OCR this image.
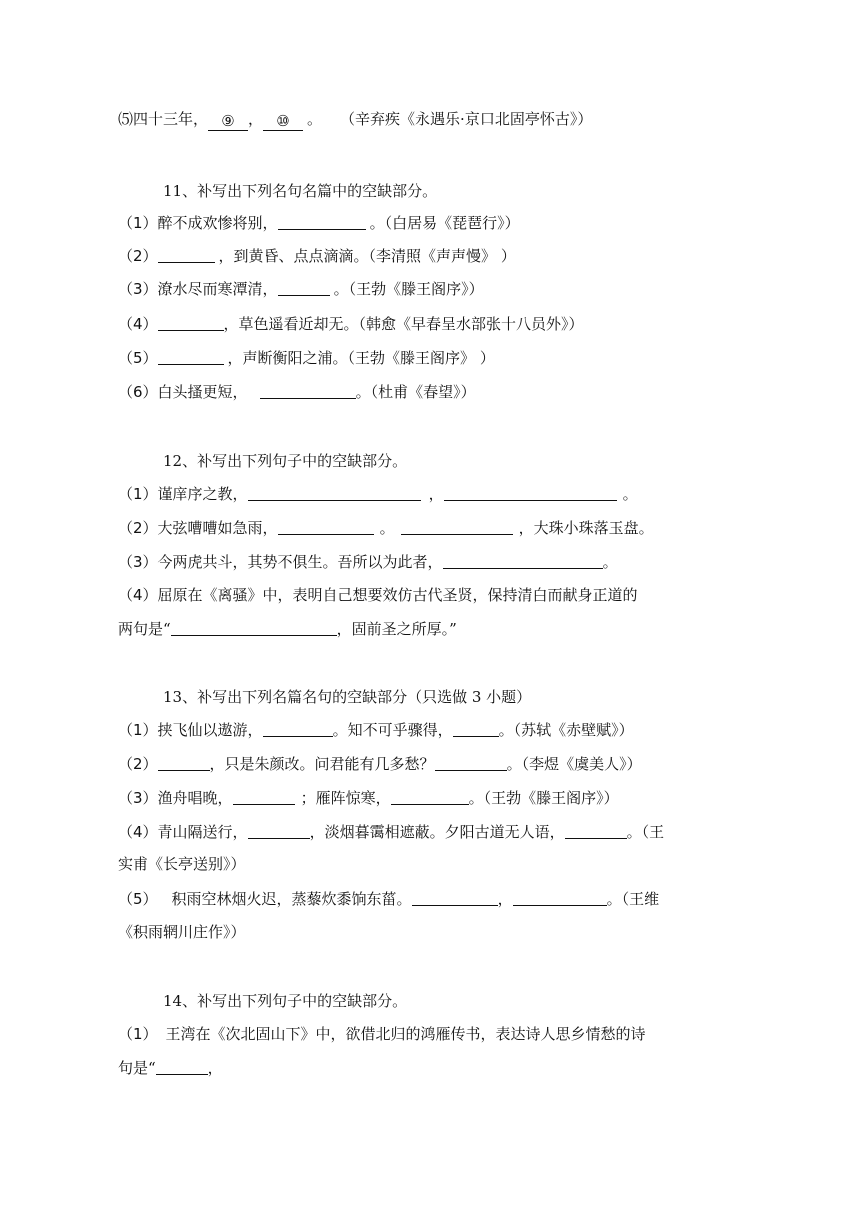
⑸四十三年， ⑨ ， ⑩ 。 （辛弃疾《永遇乐·京口北固亭怀古》）
11、补写出下列名句名篇中的空缺部分。
（1）醉不成欢惨将别，	。（白居易《琵琶行》）
（2）	，到黄昏、点点滴滴。（李清照《声声慢》 ）
（3）潦水尽而寒潭清，	。（王勃《滕王阁序》）
（4）	，草色遥看近却无。（韩愈《早春呈水部张十八员外》）
（5）	，声断衡阳之浦。（王勃《滕王阁序》 ）
（6）白头搔更短，	。（杜甫《春望》）
12、补写出下列句子中的空缺部分。
（1）谨庠序之教，	，	。
（2）大弦嘈嘈如急雨，	。	，大珠小珠落玉盘。
（3）今两虎共斗，其势不俱生。吾所以为此者，	。
（4）屈原在《离骚》中，表明自己想要效仿古代圣贤，保持清白而献身正道的
两句是“	，固前圣之所厚。”
13、补写出下列名篇名句的空缺部分（只选做 3 小题）
（1）挟飞仙以遨游，	。知不可乎骤得，	。（苏轼《赤壁赋》）
（2）	，只是朱颜改。问君能有几多愁？	。（李煜《虞美人》）
（3）渔舟唱晚，	；雁阵惊寒，	。（王勃《滕王阁序》）
（4）青山隔送行，	，淡烟暮霭相遮蔽。夕阳古道无人语，	。（王
实甫《长亭送别》）
（5） 积雨空林烟火迟，蒸藜炊黍饷东菑。	，	。（王维
《积雨辋川庄作》）
14、补写出下列句子中的空缺部分。
（1） 王湾在《次北固山下》中，欲借北归的鸿雁传书，表达诗人思乡情愁的诗
句是“	，
